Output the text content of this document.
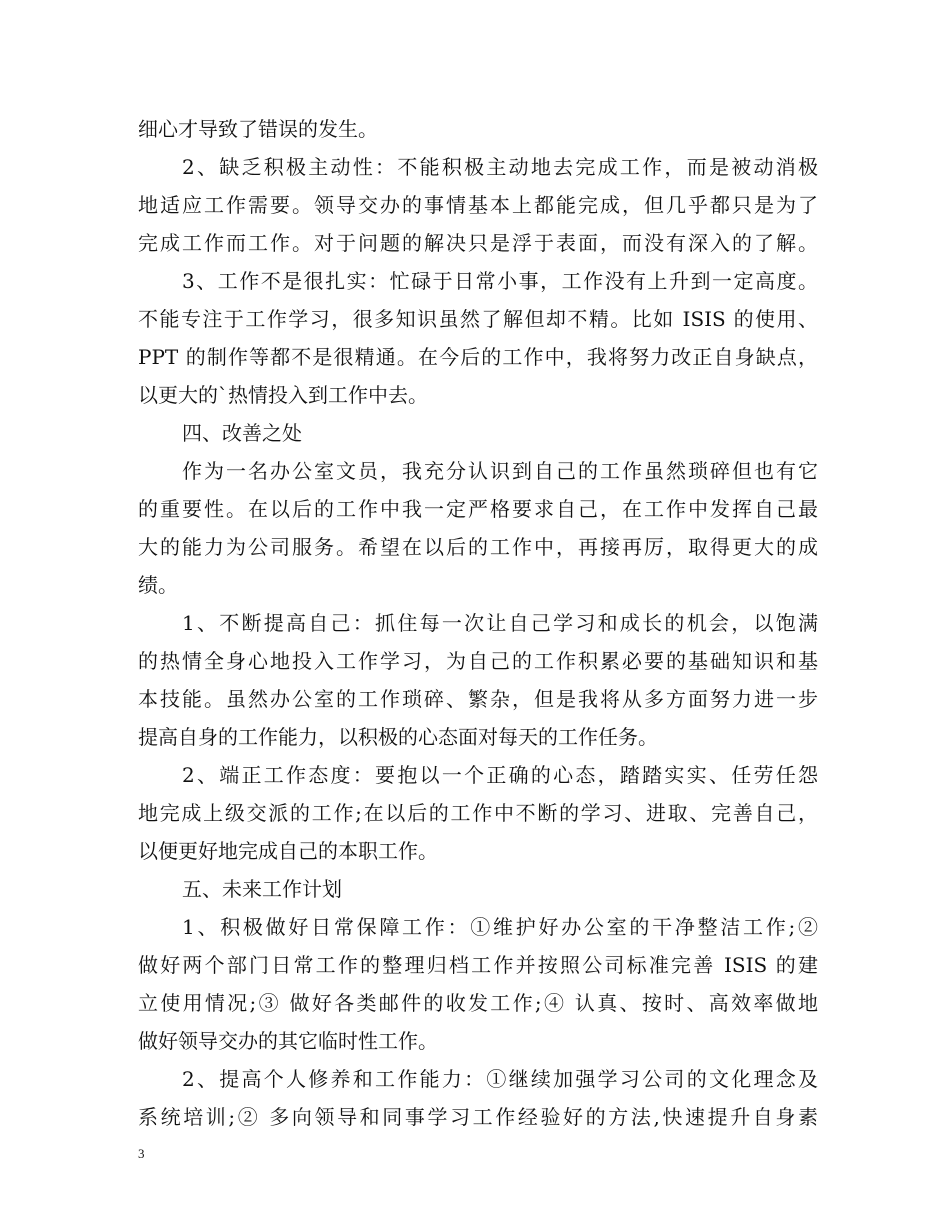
细心才导致了错误的发生。
2、缺乏积极主动性：不能积极主动地去完成工作，而是被动消极
地适应工作需要。领导交办的事情基本上都能完成，但几乎都只是为了
完成工作而工作。对于问题的解决只是浮于表面，而没有深入的了解。
3、工作不是很扎实：忙碌于日常小事，工作没有上升到一定高度。
不能专注于工作学习，很多知识虽然了解但却不精。比如 ISIS 的使用、
PPT 的制作等都不是很精通。在今后的工作中，我将努力改正自身缺点，
以更大的`热情投入到工作中去。
四、改善之处
作为一名办公室文员，我充分认识到自己的工作虽然琐碎但也有它
的重要性。在以后的工作中我一定严格要求自己，在工作中发挥自己最
大的能力为公司服务。希望在以后的工作中，再接再厉，取得更大的成
绩。
1、不断提高自己：抓住每一次让自己学习和成长的机会，以饱满
的热情全身心地投入工作学习，为自己的工作积累必要的基础知识和基
本技能。虽然办公室的工作琐碎、繁杂，但是我将从多方面努力进一步
提高自身的工作能力，以积极的心态面对每天的工作任务。
2、端正工作态度：要抱以一个正确的心态，踏踏实实、任劳任怨
地完成上级交派的工作;在以后的工作中不断的学习、进取、完善自己，
以便更好地完成自己的本职工作。
五、未来工作计划
1、积极做好日常保障工作：①维护好办公室的干净整洁工作;②
做好两个部门日常工作的整理归档工作并按照公司标准完善 ISIS 的建
立使用情况;③ 做好各类邮件的收发工作;④ 认真、按时、高效率做地
做好领导交办的其它临时性工作。
2、提高个人修养和工作能力：①继续加强学习公司的文化理念及
系统培训;② 多向领导和同事学习工作经验好的方法,快速提升自身素
3
